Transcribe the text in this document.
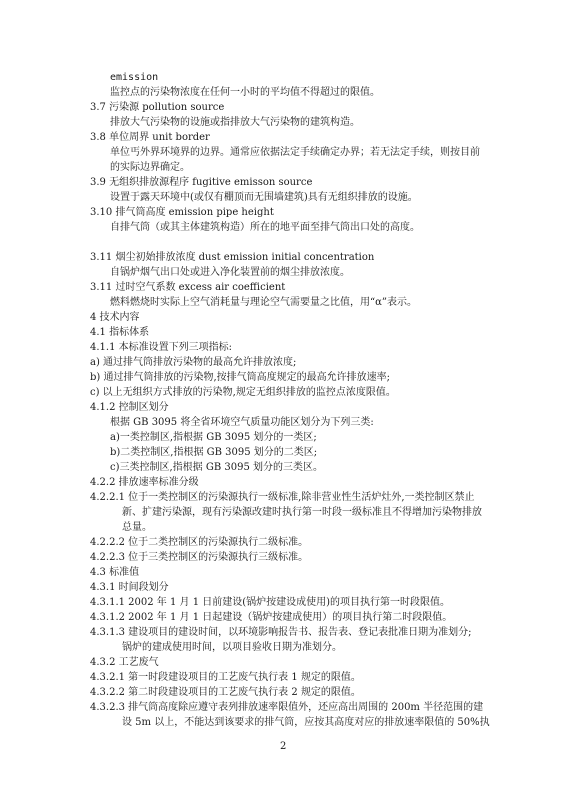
emission
监控点的污染物浓度在任何一小时的平均值不得超过的限值。
3.7 污染源 pollution source
排放大气污染物的设施或指排放大气污染物的建筑构造。
3.8 单位周界 unit border
单位丐外界环境界的边界。通常应依据法定手续确定办界；若无法定手续，则按目前
的实际边界确定。
3.9 无组织排放源程序 fugitive emisson source
设置于露天环境中(或仅有棚顶而无围墙建筑)具有无组织排放的设施。
3.10 排气筒高度 emission pipe height
自排气筒（或其主体建筑构造）所在的地平面至排气筒出口处的高度。
3.11 烟尘初始排放浓度 dust emission initial concentration
自锅炉烟气出口处或进入净化装置前的烟尘排放浓度。
3.11 过时空气系数 excess air coefficient
燃料燃烧时实际上空气消耗量与理论空气需要量之比值，用“α”表示。
4 技术内容
4.1 指标体系
4.1.1 本标准设置下列三项指标:
a) 通过排气筒排放污染物的最高允许排放浓度;
b) 通过排气筒排放的污染物,按排气筒高度规定的最高允许排放速率;
c) 以上无组织方式排放的污染物,规定无组织排放的监控点浓度限值。
4.1.2 控制区划分
根据 GB 3095 将全省环境空气质量功能区划分为下列三类:
a)一类控制区,指根据 GB 3095 划分的一类区;
b)二类控制区,指根据 GB 3095 划分的二类区;
c)三类控制区,指根据 GB 3095 划分的三类区。
4.2.2 排放速率标准分级
4.2.2.1 位于一类控制区的污染源执行一级标准,除非营业性生活炉灶外,一类控制区禁止
新、扩建污染源，现有污染源改建时执行第一时段一级标准且不得增加污染物排放
总量。
4.2.2.2 位于二类控制区的污染源执行二级标准。
4.2.2.3 位于三类控制区的污染源执行三级标准。
4.3 标准值
4.3.1 时间段划分
4.3.1.1 2002 年 1 月 1 日前建设(锅炉按建设成使用)的项目执行第一时段限值。
4.3.1.2 2002 年 1 月 1 日起建设（锅炉按建成使用）的项目执行第二时段限值。
4.3.1.3 建设项目的建设时间，以环境影响报告书、报告表、登记表批准日期为准划分;
锅炉的建成使用时间，以项目验收日期为准划分。
4.3.2 工艺废气
4.3.2.1 第一时段建设项目的工艺废气执行表 1 规定的限值。
4.3.2.2 第二时段建设项目的工艺废气执行表 2 规定的限值。
4.3.2.3 排气筒高度除应遵守表列排放速率限值外，还应高出周围的 200m 半径范围的建
设 5m 以上，不能达到该要求的排气筒，应按其高度对应的排放速率限值的 50%执
2
